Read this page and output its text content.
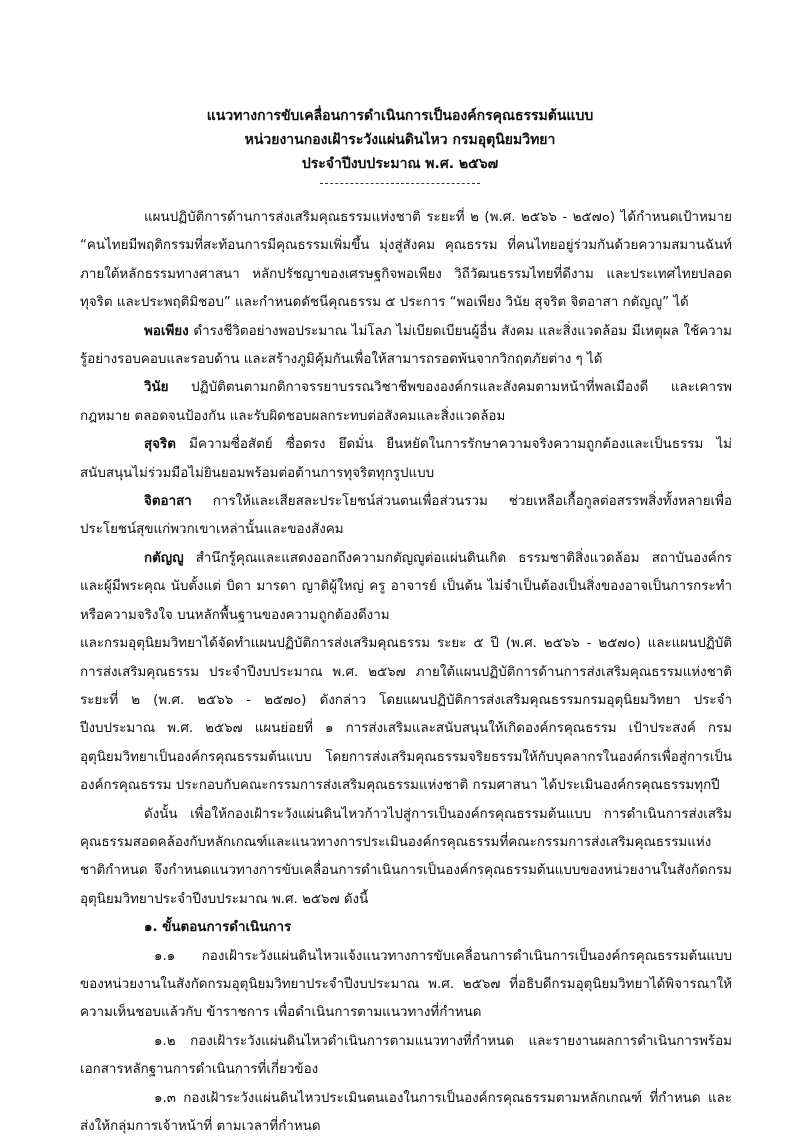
แนวทางการขับเคลื่อนการดำเนินการเป็นองค์กรคุณธรรมต้นแบบ
หน่วยงานกองเฝ้าระวังแผ่นดินไหว กรมอุตุนิยมวิทยา
ประจำปีงบประมาณ พ.ศ. ๒๕๖๗

แผนปฏิบัติการด้านการส่งเสริมคุณธรรมแห่งชาติ ระยะที่ ๒ (พ.ศ. ๒๕๖๖ - ๒๕๗๐) ได้กำหนดเป้าหมาย “คนไทยมีพฤติกรรมที่สะท้อนการมีคุณธรรมเพิ่มขึ้น มุ่งสู่สังคม คุณธรรม ที่คนไทยอยู่ร่วมกันด้วยความสมานฉันท์ ภายใต้หลักธรรมทางศาสนา หลักปรัชญาของเศรษฐกิจพอเพียง วิถีวัฒนธรรมไทยที่ดีงาม และประเทศไทยปลอดทุจริต และประพฤติมิชอบ” และกำหนดดัชนีคุณธรรม ๕ ประการ “พอเพียง วินัย สุจริต จิตอาสา กตัญญู” ได้

พอเพียง ดำรงชีวิตอย่างพอประมาณ ไม่โลภ ไม่เบียดเบียนผู้อื่น สังคม และสิ่งแวดล้อม มีเหตุผล ใช้ความรู้อย่างรอบคอบและรอบด้าน และสร้างภูมิคุ้มกันเพื่อให้สามารถรอดพ้นจากวิกฤตภัยต่าง ๆ ได้

วินัย ปฏิบัติตนตามกติกาจรรยาบรรณวิชาชีพขององค์กรและสังคมตามหน้าที่พลเมืองดี และเคารพกฎหมาย ตลอดจนป้องกัน และรับผิดชอบผลกระทบต่อสังคมและสิ่งแวดล้อม

สุจริต มีความซื่อสัตย์ ซื่อตรง ยึดมั่น ยืนหยัดในการรักษาความจริงความถูกต้องและเป็นธรรม ไม่สนับสนุนไม่ร่วมมือไม่ยินยอมพร้อมต่อต้านการทุจริตทุกรูปแบบ

จิตอาสา การให้และเสียสละประโยชน์ส่วนตนเพื่อส่วนรวม ช่วยเหลือเกื้อกูลต่อสรรพสิ่งทั้งหลายเพื่อประโยชน์สุขแก่พวกเขาเหล่านั้นและของสังคม

กตัญญู สำนึกรู้คุณและแสดงออกถึงความกตัญญูต่อแผ่นดินเกิด ธรรมชาติสิ่งแวดล้อม สถาบันองค์กร และผู้มีพระคุณ นับตั้งแต่ บิดา มารดา ญาติผู้ใหญ่ ครู อาจารย์ เป็นต้น ไม่จำเป็นต้องเป็นสิ่งของอาจเป็นการกระทำ หรือความจริงใจ บนหลักพื้นฐานของความถูกต้องดีงาม

และกรมอุตุนิยมวิทยาได้จัดทำแผนปฏิบัติการส่งเสริมคุณธรรม ระยะ ๕ ปี (พ.ศ. ๒๕๖๖ - ๒๕๗๐) และแผนปฏิบัติการส่งเสริมคุณธรรม ประจำปีงบประมาณ พ.ศ. ๒๕๖๗ ภายใต้แผนปฏิบัติการด้านการส่งเสริมคุณธรรมแห่งชาติ ระยะที่ ๒ (พ.ศ. ๒๕๖๖ - ๒๕๗๐) ดังกล่าว โดยแผนปฏิบัติการส่งเสริมคุณธรรมกรมอุตุนิยมวิทยา ประจำปีงบประมาณ พ.ศ. ๒๕๖๗ แผนย่อยที่ ๑ การส่งเสริมและสนับสนุนให้เกิดองค์กรคุณธรรม เป้าประสงค์ กรมอุตุนิยมวิทยาเป็นองค์กรคุณธรรมต้นแบบ โดยการส่งเสริมคุณธรรมจริยธรรมให้กับบุคลากรในองค์กรเพื่อสู่การเป็นองค์กรคุณธรรม ประกอบกับคณะกรรมการส่งเสริมคุณธรรมแห่งชาติ กรมศาสนา ได้ประเมินองค์กรคุณธรรมทุกปี

ดังนั้น เพื่อให้กองเฝ้าระวังแผ่นดินไหวก้าวไปสู่การเป็นองค์กรคุณธรรมต้นแบบ การดำเนินการส่งเสริมคุณธรรมสอดคล้องกับหลักเกณฑ์และแนวทางการประเมินองค์กรคุณธรรมที่คณะกรรมการส่งเสริมคุณธรรมแห่งชาติกำหนด จึงกำหนดแนวทางการขับเคลื่อนการดำเนินการเป็นองค์กรคุณธรรมต้นแบบของหน่วยงานในสังกัดกรมอุตุนิยมวิทยาประจำปีงบประมาณ พ.ศ. ๒๕๖๗ ดังนี้

๑. ขั้นตอนการดำเนินการ

๑.๑ กองเฝ้าระวังแผ่นดินไหวแจ้งแนวทางการขับเคลื่อนการดำเนินการเป็นองค์กรคุณธรรมต้นแบบของหน่วยงานในสังกัดกรมอุตุนิยมวิทยาประจำปีงบประมาณ พ.ศ. ๒๕๖๗ ที่อธิบดีกรมอุตุนิยมวิทยาได้พิจารณาให้ความเห็นชอบแล้วกับ ข้าราชการ เพื่อดำเนินการตามแนวทางที่กำหนด

๑.๒ กองเฝ้าระวังแผ่นดินไหวดำเนินการตามแนวทางที่กำหนด และรายงานผลการดำเนินการพร้อมเอกสารหลักฐานการดำเนินการที่เกี่ยวข้อง

๑.๓ กองเฝ้าระวังแผ่นดินไหวประเมินตนเองในการเป็นองค์กรคุณธรรมตามหลักเกณฑ์ ที่กำหนด และส่งให้กลุ่มการเจ้าหน้าที่ ตามเวลาที่กำหนด
